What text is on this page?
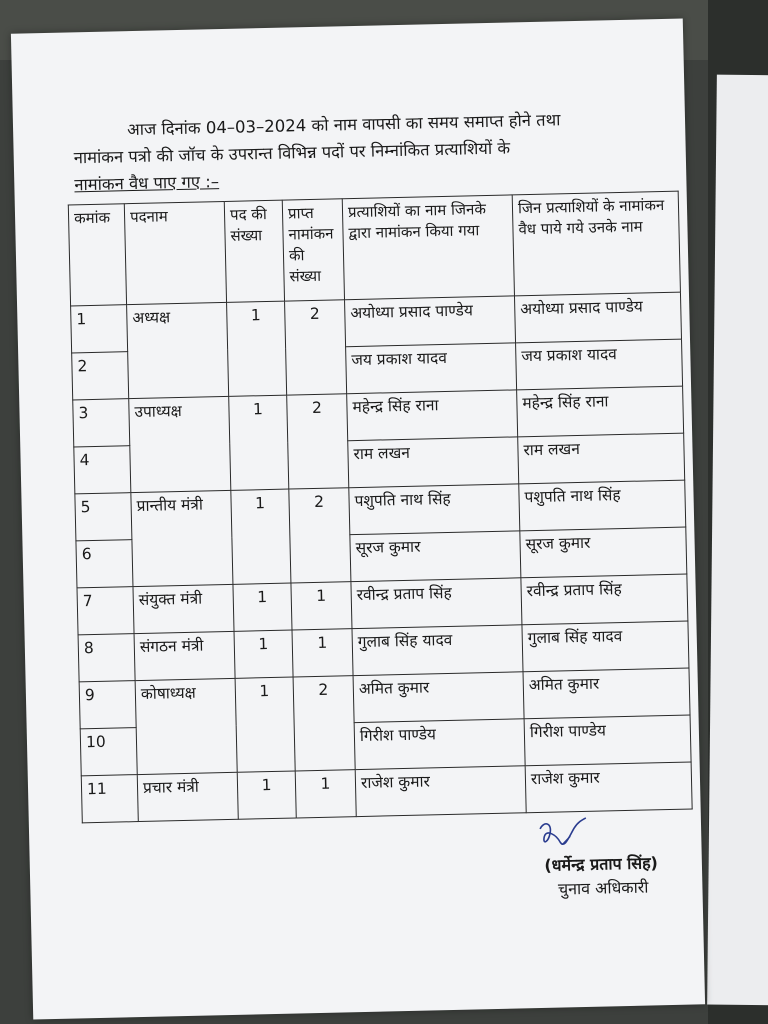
आज दिनांक 04–03–2024 को नाम वापसी का समय समाप्त होने तथा
नामांकन पत्रो की जॉच के उपरान्त विभिन्न पदों पर निम्नांकित प्रत्याशियों के
नामांकन वैध पाए गए :–
कमांक	पदनाम	पद की संख्या	प्राप्त नामांकन की संख्या	प्रत्याशियों का नाम जिनके द्वारा नामांकन किया गया	जिन प्रत्याशियों के नामांकन वैध पाये गये उनके नाम
1	अध्यक्ष	1	2	अयोध्या प्रसाद पाण्डेय	अयोध्या प्रसाद पाण्डेय
2				जय प्रकाश यादव	जय प्रकाश यादव
3	उपाध्यक्ष	1	2	महेन्द्र सिंह राना	महेन्द्र सिंह राना
4				राम लखन	राम लखन
5	प्रान्तीय मंत्री	1	2	पशुपति नाथ सिंह	पशुपति नाथ सिंह
6				सूरज कुमार	सूरज कुमार
7	संयुक्त मंत्री	1	1	रवीन्द्र प्रताप सिंह	रवीन्द्र प्रताप सिंह
8	संगठन मंत्री	1	1	गुलाब सिंह यादव	गुलाब सिंह यादव
9	कोषाध्यक्ष	1	2	अमित कुमार	अमित कुमार
10				गिरीश पाण्डेय	गिरीश पाण्डेय
11	प्रचार मंत्री	1	1	राजेश कुमार	राजेश कुमार
(धर्मेन्द्र प्रताप सिंह)
चुनाव अधिकारी
